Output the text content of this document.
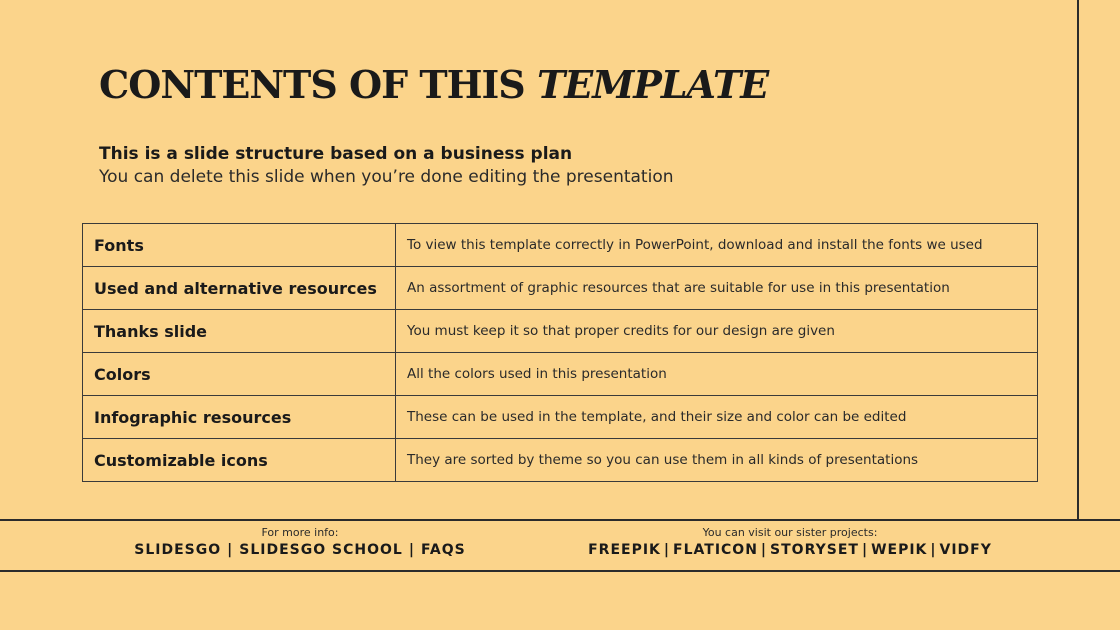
CONTENTS OF THIS TEMPLATE
This is a slide structure based on a business plan
You can delete this slide when you’re done editing the presentation
Fonts	To view this template correctly in PowerPoint, download and install the fonts we used
Used and alternative resources	An assortment of graphic resources that are suitable for use in this presentation
Thanks slide	You must keep it so that proper credits for our design are given
Colors	All the colors used in this presentation
Infographic resources	These can be used in the template, and their size and color can be edited
Customizable icons	They are sorted by theme so you can use them in all kinds of presentations
For more info:
SLIDESGO | SLIDESGO SCHOOL | FAQS
You can visit our sister projects:
FREEPIK | FLATICON | STORYSET | WEPIK | VIDFY
